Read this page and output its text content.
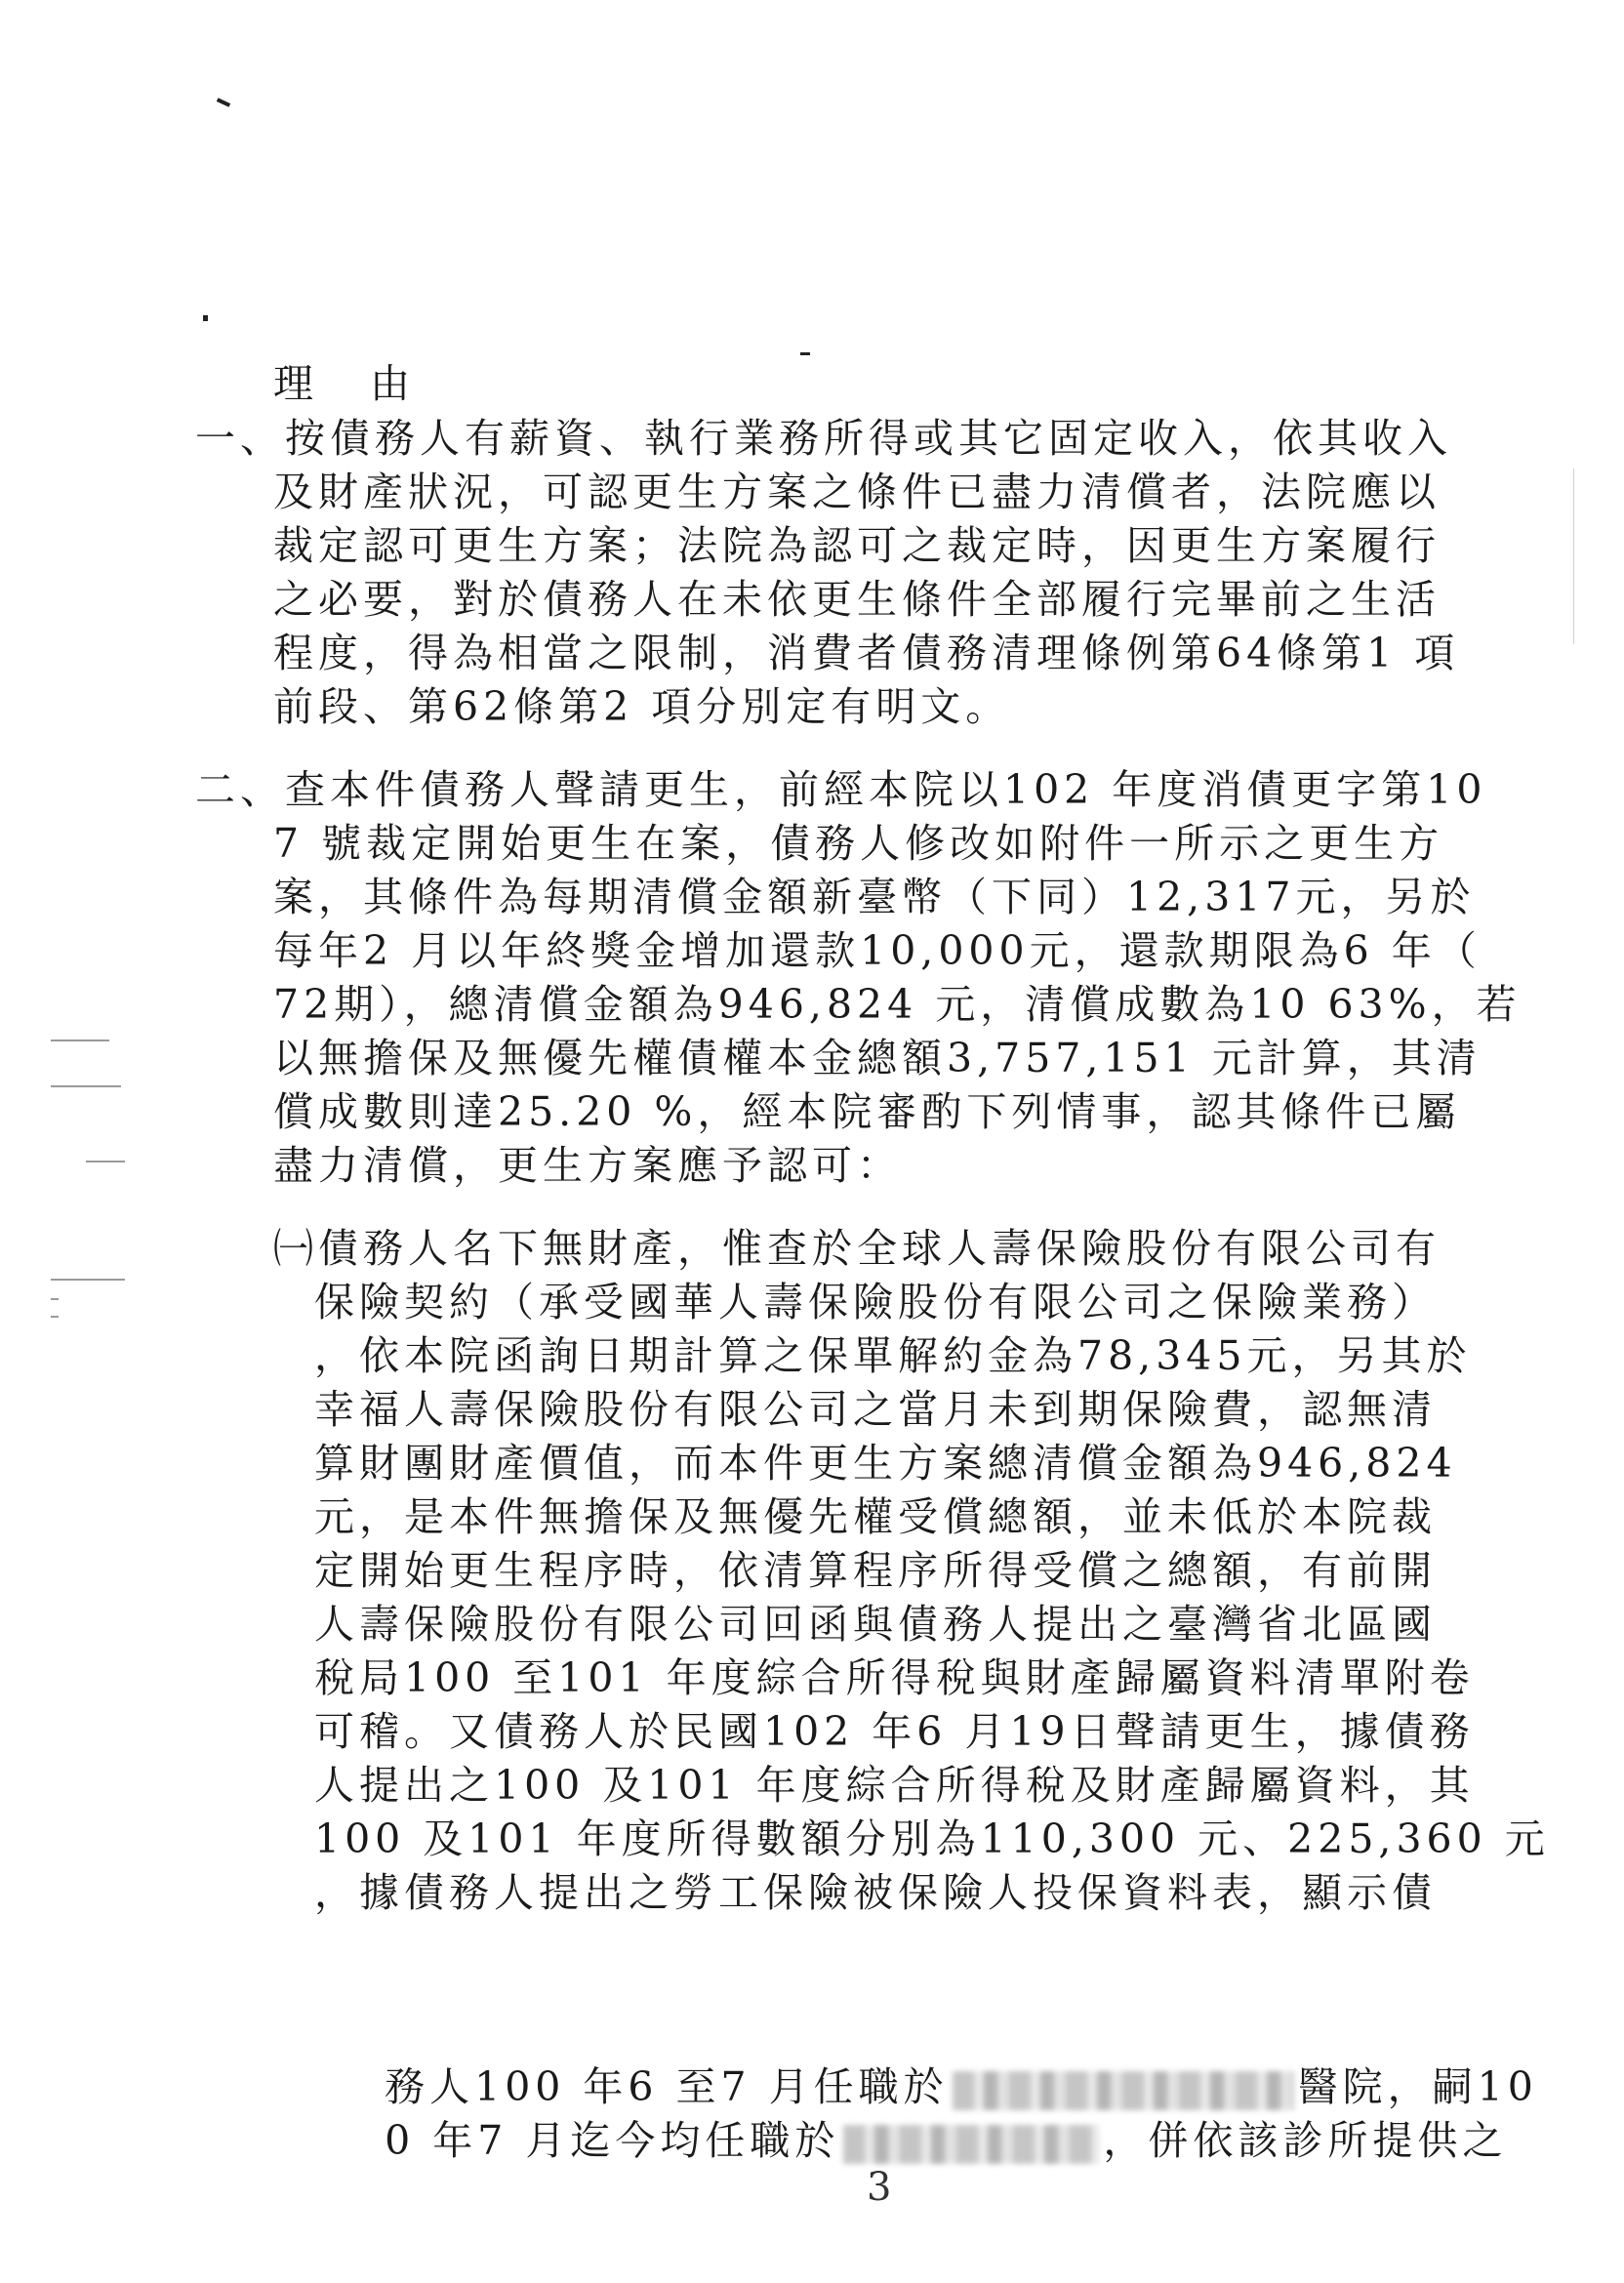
理由
一、按債務人有薪資、執行業務所得或其它固定收入，依其收入
及財產狀況，可認更生方案之條件已盡力清償者，法院應以
裁定認可更生方案；法院為認可之裁定時，因更生方案履行
之必要，對於債務人在未依更生條件全部履行完畢前之生活
程度，得為相當之限制，消費者債務清理條例第64條第1 項
前段、第62條第2 項分別定有明文。
二、查本件債務人聲請更生，前經本院以102 年度消債更字第10
7 號裁定開始更生在案，債務人修改如附件一所示之更生方
案，其條件為每期清償金額新臺幣（下同）12,317元，另於
每年2 月以年終獎金增加還款10,000元，還款期限為6 年（
72期），總清償金額為946,824 元，清償成數為10 63%，若
以無擔保及無優先權債權本金總額3,757,151 元計算，其清
償成數則達25.20 %，經本院審酌下列情事，認其條件已屬
盡力清償，更生方案應予認可：
㈠債務人名下無財產，惟查於全球人壽保險股份有限公司有
保險契約（承受國華人壽保險股份有限公司之保險業務）
，依本院函詢日期計算之保單解約金為78,345元，另其於
幸福人壽保險股份有限公司之當月未到期保險費，認無清
算財團財產價值，而本件更生方案總清償金額為946,824
元，是本件無擔保及無優先權受償總額，並未低於本院裁
定開始更生程序時，依清算程序所得受償之總額，有前開
人壽保險股份有限公司回函與債務人提出之臺灣省北區國
稅局100 至101 年度綜合所得稅與財產歸屬資料清單附卷
可稽。又債務人於民國102 年6 月19日聲請更生，據債務
人提出之100 及101 年度綜合所得稅及財產歸屬資料，其
100 及101 年度所得數額分別為110,300 元、225,360 元
，據債務人提出之勞工保險被保險人投保資料表，顯示債

務人100 年6 至7 月任職於	醫院，嗣10

0 年7 月迄今均任職於	，併依該診所提供之

3
